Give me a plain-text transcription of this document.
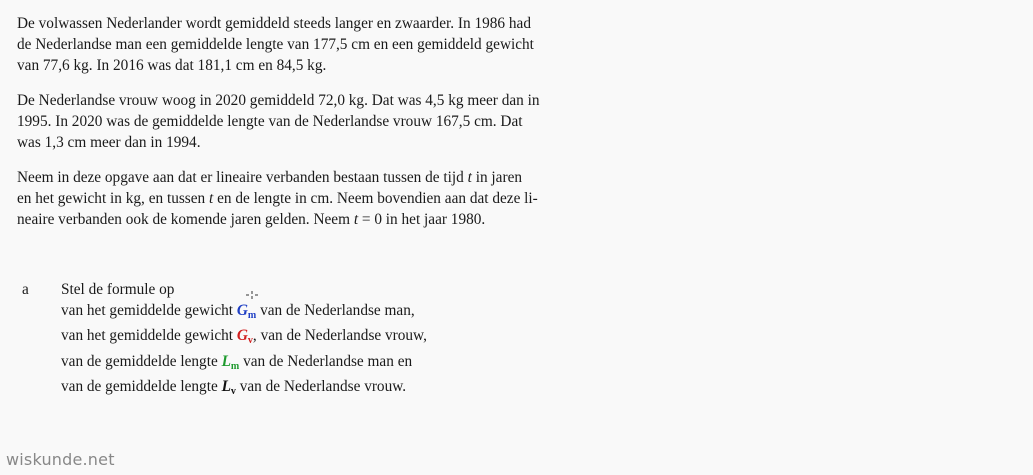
De volwassen Nederlander wordt gemiddeld steeds langer en zwaarder. In 1986 had
de Nederlandse man een gemiddelde lengte van 177,5 cm en een gemiddeld gewicht
van 77,6 kg. In 2016 was dat 181,1 cm en 84,5 kg.

De Nederlandse vrouw woog in 2020 gemiddeld 72,0 kg. Dat was 4,5 kg meer dan in
1995. In 2020 was de gemiddelde lengte van de Nederlandse vrouw 167,5 cm. Dat
was 1,3 cm meer dan in 1994.

Neem in deze opgave aan dat er lineaire verbanden bestaan tussen de tijd t in jaren
en het gewicht in kg, en tussen t en de lengte in cm. Neem bovendien aan dat deze li-
neaire verbanden ook de komende jaren gelden. Neem t = 0 in het jaar 1980.

a Stel de formule op
van het gemiddelde gewicht $G_m$ van de Nederlandse man,
van het gemiddelde gewicht $G_v$, van de Nederlandse vrouw,
van de gemiddelde lengte $L_m$ van de Nederlandse man en
van de gemiddelde lengte $L_v$ van de Nederlandse vrouw.
wiskunde.net
